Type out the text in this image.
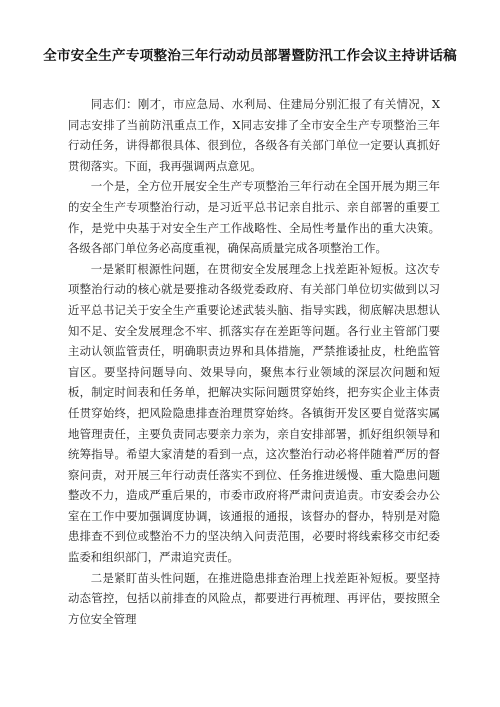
全市安全生产专项整治三年行动动员部署暨防汛工作会议主持讲话稿

同志们：刚才，市应急局、水利局、住建局分别汇报了有关情况，X同志安排了当前防汛重点工作，X同志安排了全市安全生产专项整治三年行动任务，讲得都很具体、很到位，各级各有关部门单位一定要认真抓好贯彻落实。下面，我再强调两点意见。

一个是，全方位开展安全生产专项整治三年行动在全国开展为期三年的安全生产专项整治行动，是习近平总书记亲自批示、亲自部署的重要工作，是党中央基于对安全生产工作战略性、全局性考量作出的重大决策。各级各部门单位务必高度重视，确保高质量完成各项整治工作。

一是紧盯根源性问题，在贯彻安全发展理念上找差距补短板。这次专项整治行动的核心就是要推动各级党委政府、有关部门单位切实做到以习近平总书记关于安全生产重要论述武装头脑、指导实践，彻底解决思想认知不足、安全发展理念不牢、抓落实存在差距等问题。各行业主管部门要主动认领监管责任，明确职责边界和具体措施，严禁推诿扯皮，杜绝监管盲区。要坚持问题导向、效果导向，聚焦本行业领域的深层次问题和短板，制定时间表和任务单，把解决实际问题贯穿始终，把夯实企业主体责任贯穿始终，把风险隐患排查治理贯穿始终。各镇街开发区要自觉落实属地管理责任，主要负责同志要亲力亲为，亲自安排部署，抓好组织领导和统筹指导。希望大家清楚的看到一点，这次整治行动必将伴随着严厉的督察问责，对开展三年行动责任落实不到位、任务推进缓慢、重大隐患问题整改不力，造成严重后果的，市委市政府将严肃问责追责。市安委会办公室在工作中要加强调度协调，该通报的通报，该督办的督办，特别是对隐患排查不到位或整治不力的坚决纳入问责范围，必要时将线索移交市纪委监委和组织部门，严肃追究责任。

二是紧盯苗头性问题，在推进隐患排查治理上找差距补短板。要坚持动态管控，包括以前排查的风险点，都要进行再梳理、再评估，要按照全方位安全管理
